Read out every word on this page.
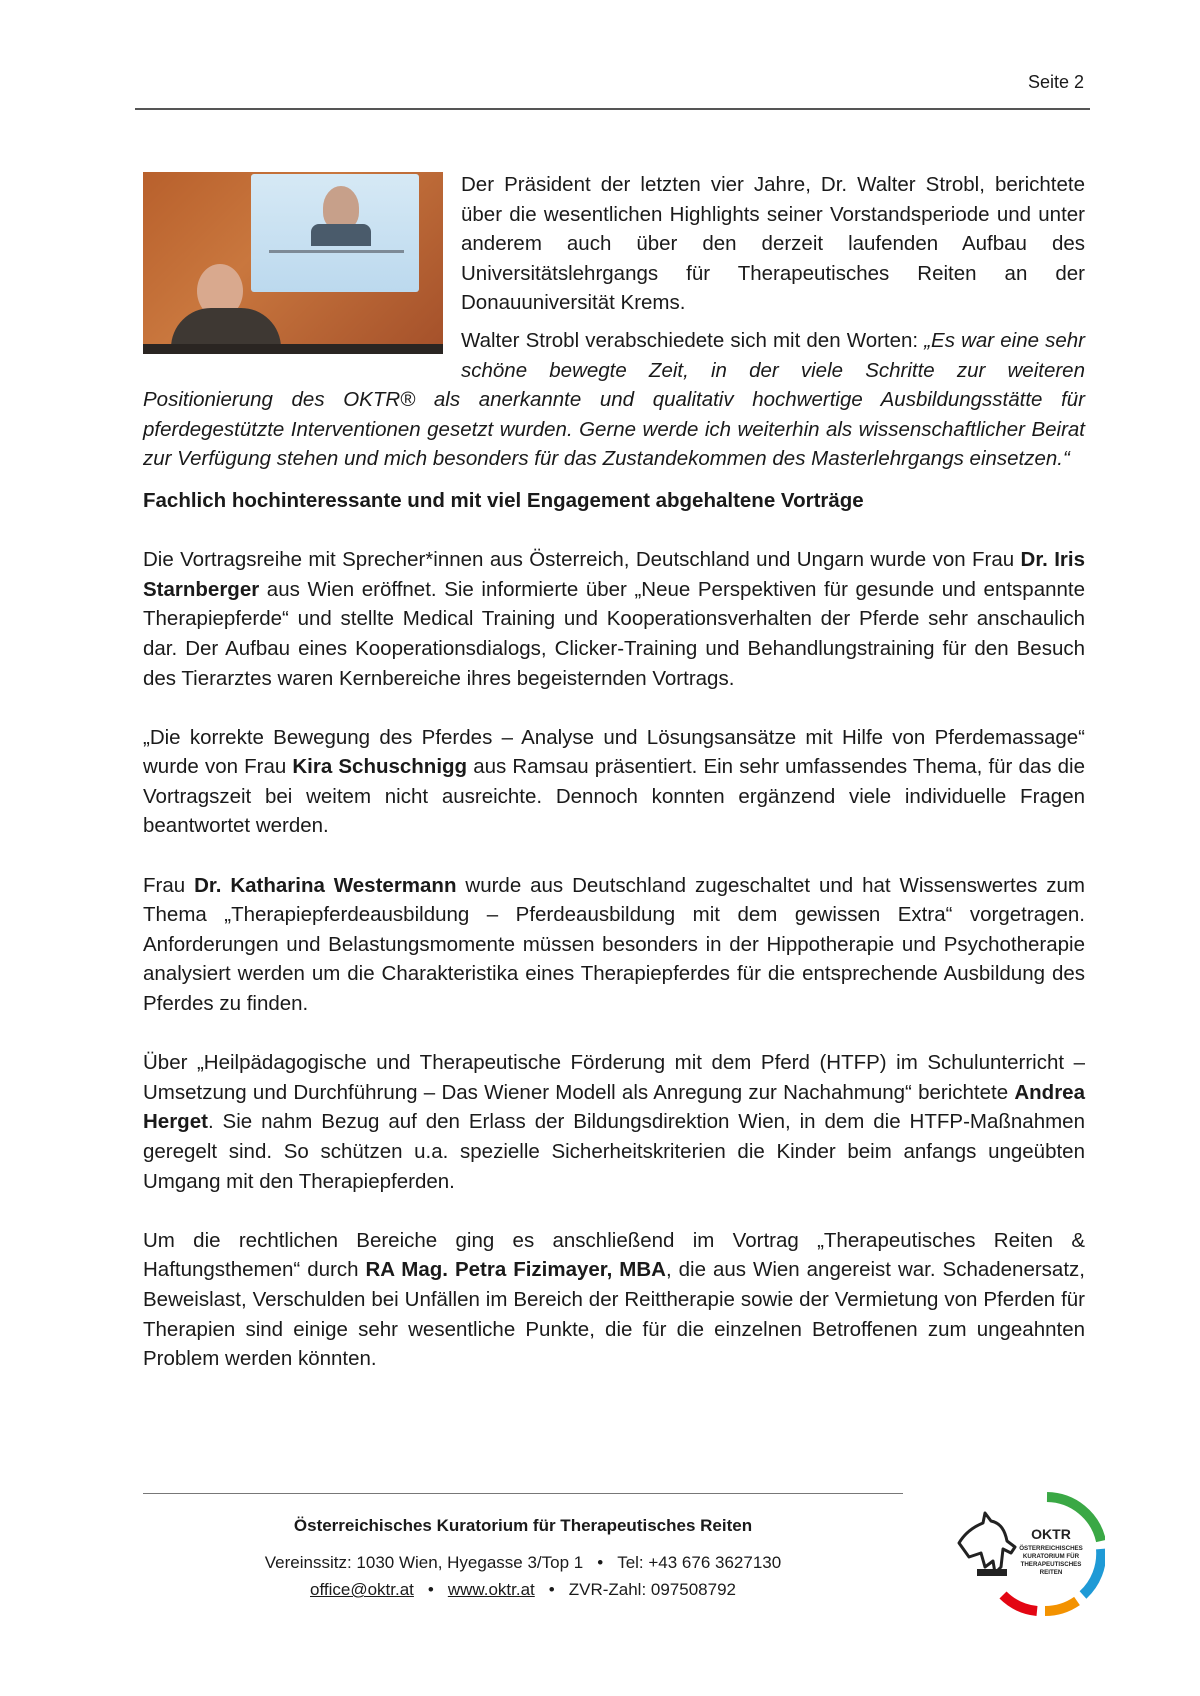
Seite 2

Der Präsident der letzten vier Jahre, Dr. Walter Strobl, berichtete über die wesentlichen Highlights seiner Vorstandsperiode und unter anderem auch über den derzeit laufenden Aufbau des Universitätslehrgangs für Therapeutisches Reiten an der Donauuniversität Krems.

Walter Strobl verabschiedete sich mit den Worten: „Es war eine sehr schöne bewegte Zeit, in der viele Schritte zur weiteren Positionierung des OKTR® als anerkannte und qualitativ hochwertige Ausbildungsstätte für pferdegestützte Interventionen gesetzt wurden. Gerne werde ich weiterhin als wissenschaftlicher Beirat zur Verfügung stehen und mich besonders für das Zustandekommen des Masterlehrgangs einsetzen.“

Fachlich hochinteressante und mit viel Engagement abgehaltene Vorträge

Die Vortragsreihe mit Sprecher*innen aus Österreich, Deutschland und Ungarn wurde von Frau Dr. Iris Starnberger aus Wien eröffnet. Sie informierte über „Neue Perspektiven für gesunde und entspannte Therapiepferde“ und stellte Medical Training und Kooperationsverhalten der Pferde sehr anschaulich dar. Der Aufbau eines Kooperationsdialogs, Clicker-Training und Behandlungstraining für den Besuch des Tierarztes waren Kernbereiche ihres begeisternden Vortrags.

„Die korrekte Bewegung des Pferdes – Analyse und Lösungsansätze mit Hilfe von Pferdemassage“ wurde von Frau Kira Schuschnigg aus Ramsau präsentiert. Ein sehr umfassendes Thema, für das die Vortragszeit bei weitem nicht ausreichte. Dennoch konnten ergänzend viele individuelle Fragen beantwortet werden.

Frau Dr. Katharina Westermann wurde aus Deutschland zugeschaltet und hat Wissenswertes zum Thema „Therapiepferdeausbildung – Pferdeausbildung mit dem gewissen Extra“ vorgetragen. Anforderungen und Belastungsmomente müssen besonders in der Hippotherapie und Psychotherapie analysiert werden um die Charakteristika eines Therapiepferdes für die entsprechende Ausbildung des Pferdes zu finden.

Über „Heilpädagogische und Therapeutische Förderung mit dem Pferd (HTFP) im Schulunterricht – Umsetzung und Durchführung – Das Wiener Modell als Anregung zur Nachahmung“ berichtete Andrea Herget. Sie nahm Bezug auf den Erlass der Bildungsdirektion Wien, in dem die HTFP-Maßnahmen geregelt sind. So schützen u.a. spezielle Sicherheitskriterien die Kinder beim anfangs ungeübten Umgang mit den Therapiepferden.

Um die rechtlichen Bereiche ging es anschließend im Vortrag „Therapeutisches Reiten & Haftungsthemen“ durch RA Mag. Petra Fizimayer, MBA, die aus Wien angereist war. Schadenersatz, Beweislast, Verschulden bei Unfällen im Bereich der Reittherapie sowie der Vermietung von Pferden für Therapien sind einige sehr wesentliche Punkte, die für die einzelnen Betroffenen zum ungeahnten Problem werden könnten.

Österreichisches Kuratorium für Therapeutisches Reiten
Vereinssitz: 1030 Wien, Hyegasse 3/Top 1 • Tel: +43 676 3627130
office@oktr.at • www.oktr.at • ZVR-Zahl: 097508792
OKTR
ÖSTERREICHISCHES
KURATORIUM FÜR
THERAPEUTISCHES
REITEN
